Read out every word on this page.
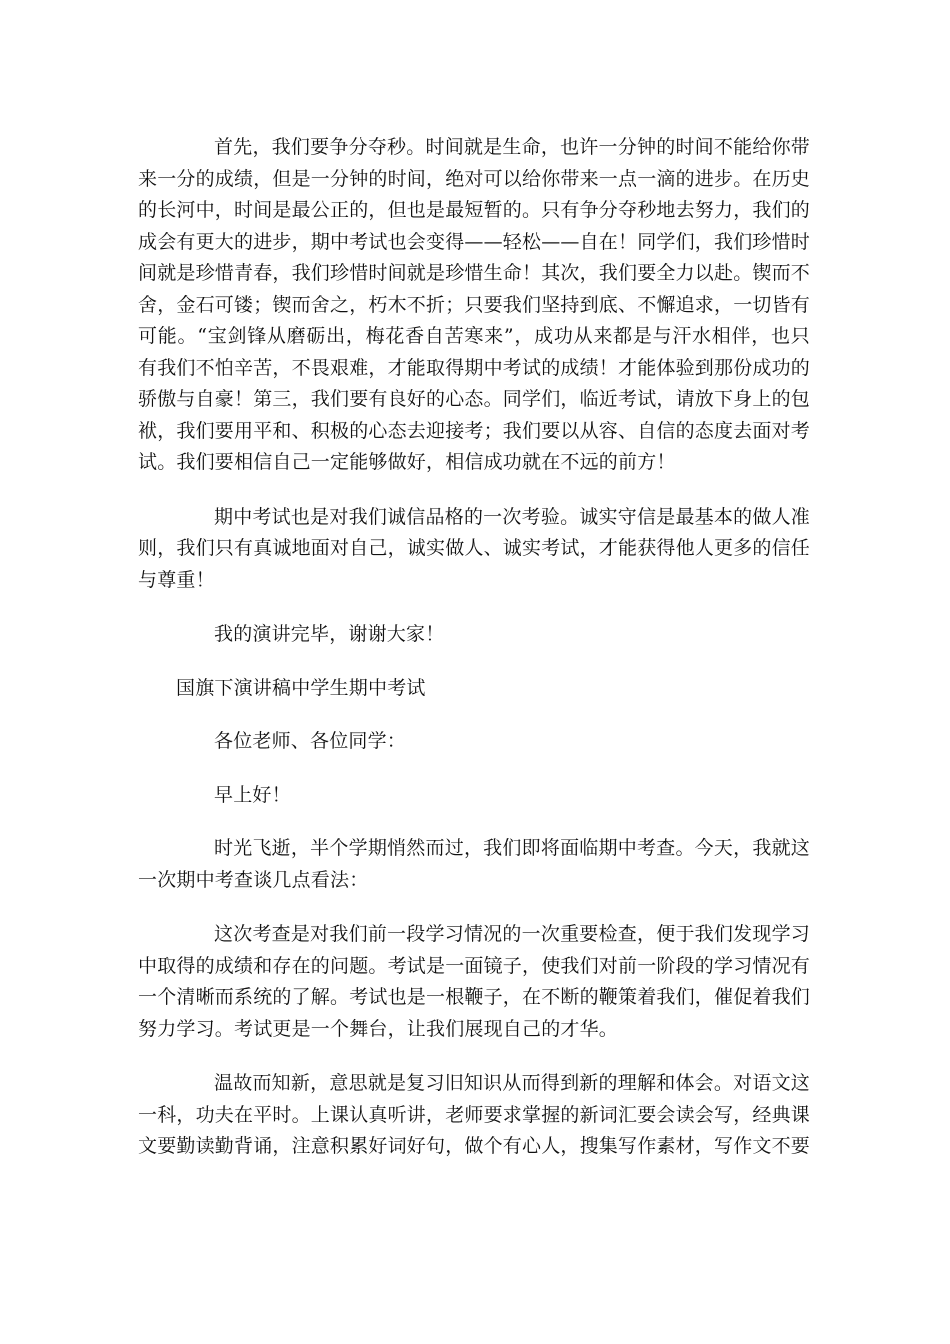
首先，我们要争分夺秒。时间就是生命，也许一分钟的时间不能给你带来一分的成绩，但是一分钟的时间，绝对可以给你带来一点一滴的进步。在历史的长河中，时间是最公正的，但也是最短暂的。只有争分夺秒地去努力，我们的成会有更大的进步，期中考试也会变得——轻松——自在！同学们，我们珍惜时间就是珍惜青春，我们珍惜时间就是珍惜生命！其次，我们要全力以赴。锲而不舍，金石可镂；锲而舍之，朽木不折；只要我们坚持到底、不懈追求，一切皆有可能。“宝剑锋从磨砺出，梅花香自苦寒来”，成功从来都是与汗水相伴，也只有我们不怕辛苦，不畏艰难，才能取得期中考试的成绩！才能体验到那份成功的骄傲与自豪！第三，我们要有良好的心态。同学们，临近考试，请放下身上的包袱，我们要用平和、积极的心态去迎接考；我们要以从容、自信的态度去面对考试。我们要相信自己一定能够做好，相信成功就在不远的前方！

期中考试也是对我们诚信品格的一次考验。诚实守信是最基本的做人准则，我们只有真诚地面对自己，诚实做人、诚实考试，才能获得他人更多的信任与尊重！

我的演讲完毕，谢谢大家！

国旗下演讲稿中学生期中考试

各位老师、各位同学：

早上好！

时光飞逝，半个学期悄然而过，我们即将面临期中考查。今天，我就这一次期中考查谈几点看法：

这次考查是对我们前一段学习情况的一次重要检查，便于我们发现学习中取得的成绩和存在的问题。考试是一面镜子，使我们对前一阶段的学习情况有一个清晰而系统的了解。考试也是一根鞭子，在不断的鞭策着我们，催促着我们努力学习。考试更是一个舞台，让我们展现自己的才华。

温故而知新，意思就是复习旧知识从而得到新的理解和体会。对语文这一科，功夫在平时。上课认真听讲，老师要求掌握的新词汇要会读会写，经典课文要勤读勤背诵，注意积累好词好句，做个有心人，搜集写作素材，写作文不要
